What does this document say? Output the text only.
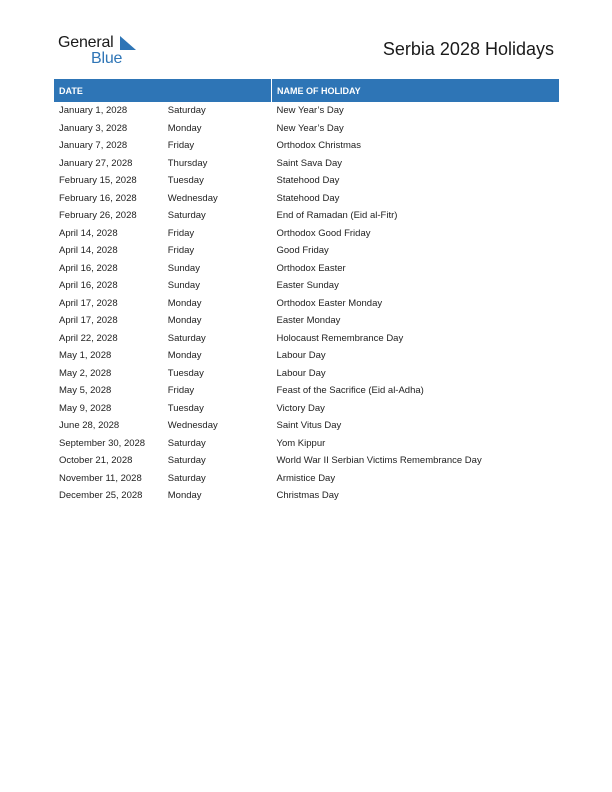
General
Blue	Serbia 2028 Holidays
DATE		NAME OF HOLIDAY
January 1, 2028	Saturday	New Year’s Day
January 3, 2028	Monday	New Year’s Day
January 7, 2028	Friday	Orthodox Christmas
January 27, 2028	Thursday	Saint Sava Day
February 15, 2028	Tuesday	Statehood Day
February 16, 2028	Wednesday	Statehood Day
February 26, 2028	Saturday	End of Ramadan (Eid al-Fitr)
April 14, 2028	Friday	Orthodox Good Friday
April 14, 2028	Friday	Good Friday
April 16, 2028	Sunday	Orthodox Easter
April 16, 2028	Sunday	Easter Sunday
April 17, 2028	Monday	Orthodox Easter Monday
April 17, 2028	Monday	Easter Monday
April 22, 2028	Saturday	Holocaust Remembrance Day
May 1, 2028	Monday	Labour Day
May 2, 2028	Tuesday	Labour Day
May 5, 2028	Friday	Feast of the Sacrifice (Eid al-Adha)
May 9, 2028	Tuesday	Victory Day
June 28, 2028	Wednesday	Saint Vitus Day
September 30, 2028	Saturday	Yom Kippur
October 21, 2028	Saturday	World War II Serbian Victims Remembrance Day
November 11, 2028	Saturday	Armistice Day
December 25, 2028	Monday	Christmas Day
